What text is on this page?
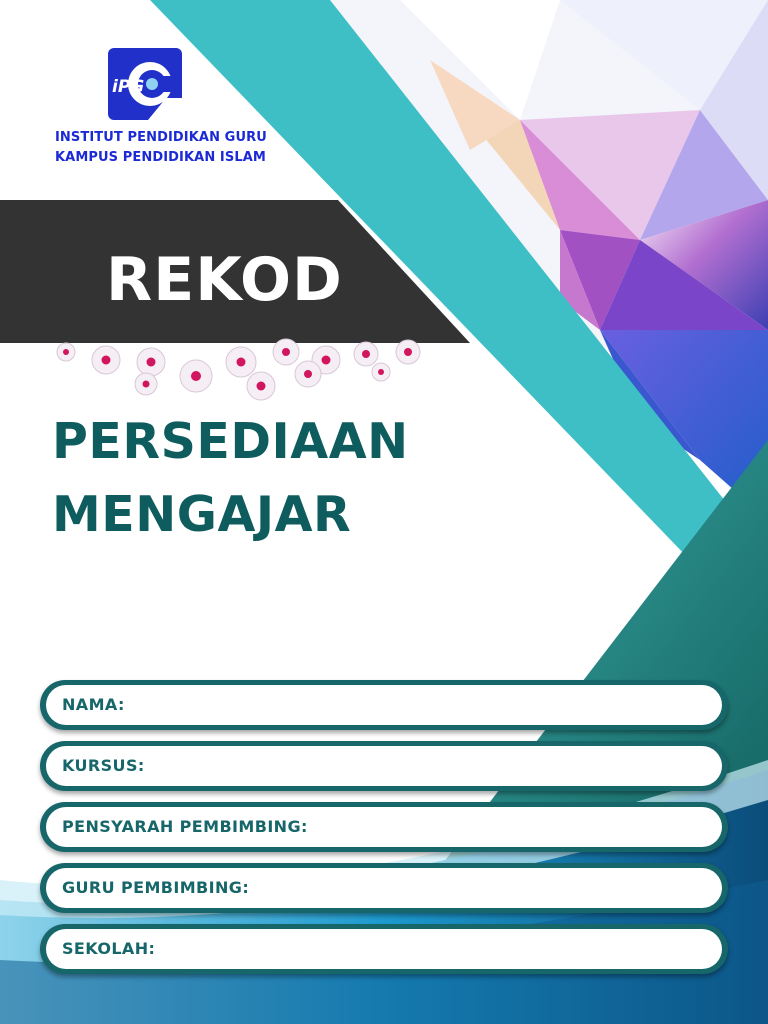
iPG
INSTITUT PENDIDIKAN GURU
KAMPUS PENDIDIKAN ISLAM
REKOD
PERSEDIAAN
MENGAJAR
NAMA:
KURSUS:
PENSYARAH PEMBIMBING:
GURU PEMBIMBING:
SEKOLAH:
